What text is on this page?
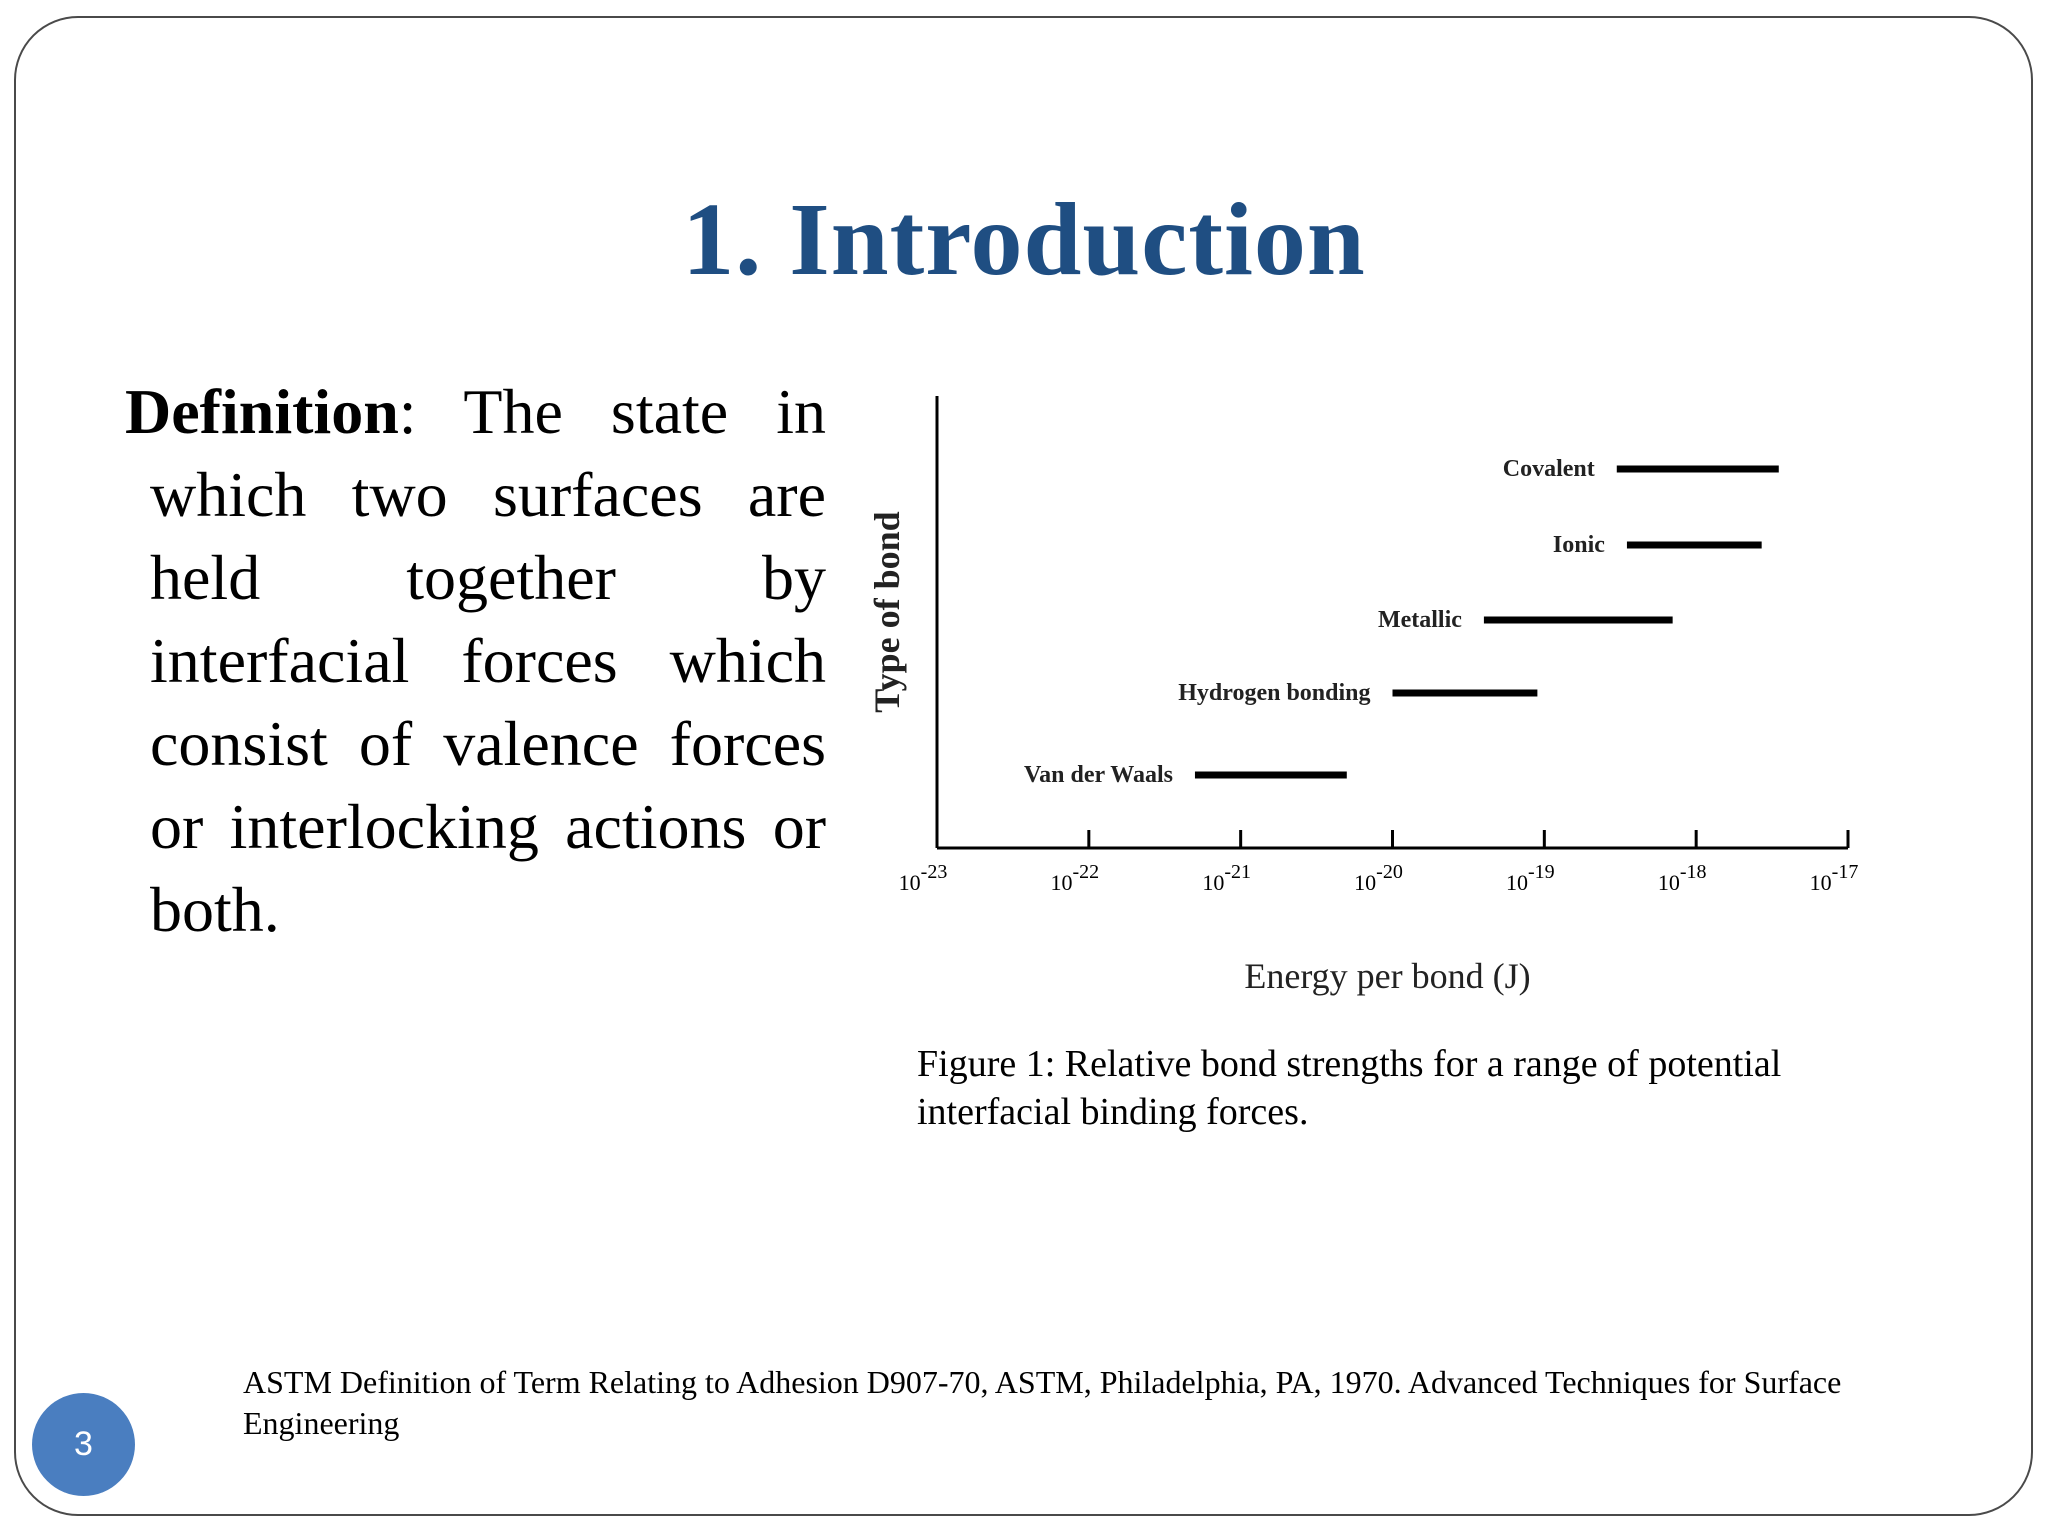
1. Introduction

Definition: The state in which two surfaces are held together by interfacial forces which consist of valence forces or interlocking actions or both.	10-23	10-22	10-21	10-20	10-19	10-18	10-17
Covalent
Ionic
Metallic
Hydrogen bonding
Van der Waals
Energy per bond (J)
Type of bond

Figure 1: Relative bond strengths for a range of potential interfacial binding forces.

ASTM Definition of Term Relating to Adhesion D907-70, ASTM, Philadelphia, PA, 1970. Advanced Techniques for Surface Engineering

3
